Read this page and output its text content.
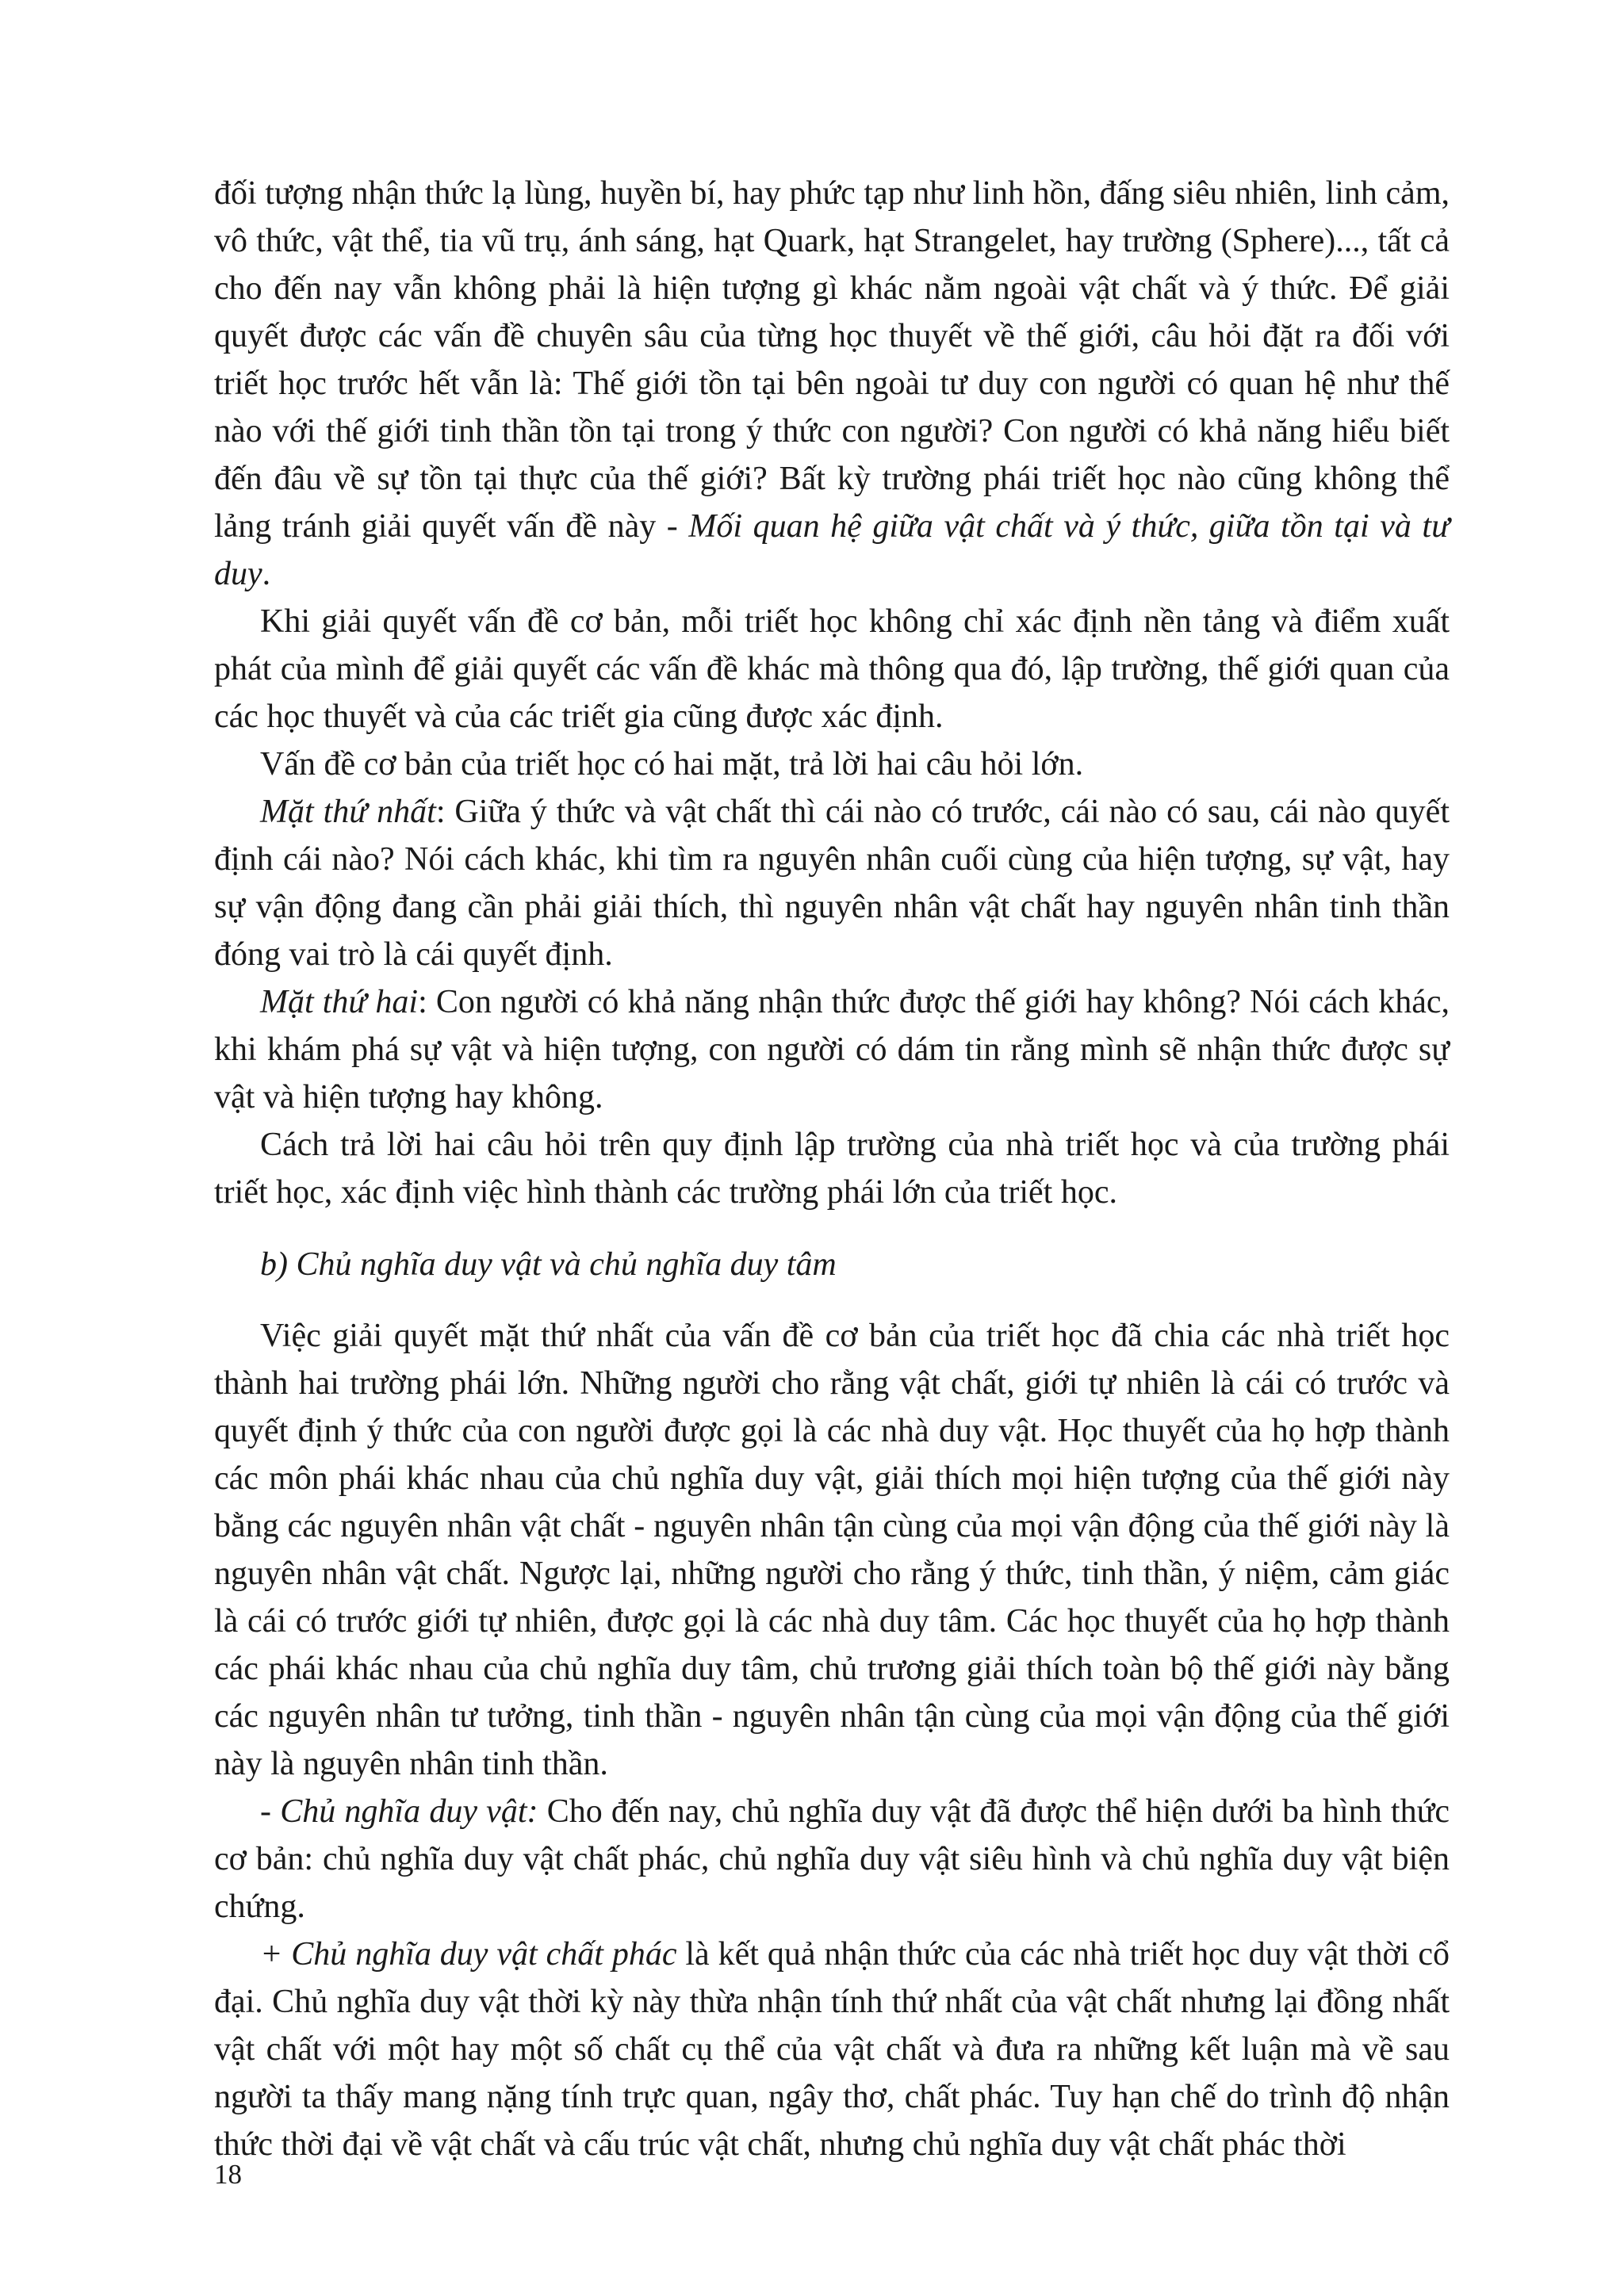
đối tượng nhận thức lạ lùng, huyền bí, hay phức tạp như linh hồn, đấng siêu nhiên, linh cảm, vô thức, vật thể, tia vũ trụ, ánh sáng, hạt Quark, hạt Strangelet, hay trường (Sphere)..., tất cả cho đến nay vẫn không phải là hiện tượng gì khác nằm ngoài vật chất và ý thức. Để giải quyết được các vấn đề chuyên sâu của từng học thuyết về thế giới, câu hỏi đặt ra đối với triết học trước hết vẫn là: Thế giới tồn tại bên ngoài tư duy con người có quan hệ như thế nào với thế giới tinh thần tồn tại trong ý thức con người? Con người có khả năng hiểu biết đến đâu về sự tồn tại thực của thế giới? Bất kỳ trường phái triết học nào cũng không thể lảng tránh giải quyết vấn đề này - Mối quan hệ giữa vật chất và ý thức, giữa tồn tại và tư duy.

Khi giải quyết vấn đề cơ bản, mỗi triết học không chỉ xác định nền tảng và điểm xuất phát của mình để giải quyết các vấn đề khác mà thông qua đó, lập trường, thế giới quan của các học thuyết và của các triết gia cũng được xác định.

Vấn đề cơ bản của triết học có hai mặt, trả lời hai câu hỏi lớn.

Mặt thứ nhất: Giữa ý thức và vật chất thì cái nào có trước, cái nào có sau, cái nào quyết định cái nào? Nói cách khác, khi tìm ra nguyên nhân cuối cùng của hiện tượng, sự vật, hay sự vận động đang cần phải giải thích, thì nguyên nhân vật chất hay nguyên nhân tinh thần đóng vai trò là cái quyết định.

Mặt thứ hai: Con người có khả năng nhận thức được thế giới hay không? Nói cách khác, khi khám phá sự vật và hiện tượng, con người có dám tin rằng mình sẽ nhận thức được sự vật và hiện tượng hay không.

Cách trả lời hai câu hỏi trên quy định lập trường của nhà triết học và của trường phái triết học, xác định việc hình thành các trường phái lớn của triết học.

b) Chủ nghĩa duy vật và chủ nghĩa duy tâm

Việc giải quyết mặt thứ nhất của vấn đề cơ bản của triết học đã chia các nhà triết học thành hai trường phái lớn. Những người cho rằng vật chất, giới tự nhiên là cái có trước và quyết định ý thức của con người được gọi là các nhà duy vật. Học thuyết của họ hợp thành các môn phái khác nhau của chủ nghĩa duy vật, giải thích mọi hiện tượng của thế giới này bằng các nguyên nhân vật chất - nguyên nhân tận cùng của mọi vận động của thế giới này là nguyên nhân vật chất. Ngược lại, những người cho rằng ý thức, tinh thần, ý niệm, cảm giác là cái có trước giới tự nhiên, được gọi là các nhà duy tâm. Các học thuyết của họ hợp thành các phái khác nhau của chủ nghĩa duy tâm, chủ trương giải thích toàn bộ thế giới này bằng các nguyên nhân tư tưởng, tinh thần - nguyên nhân tận cùng của mọi vận động của thế giới này là nguyên nhân tinh thần.

- Chủ nghĩa duy vật: Cho đến nay, chủ nghĩa duy vật đã được thể hiện dưới ba hình thức cơ bản: chủ nghĩa duy vật chất phác, chủ nghĩa duy vật siêu hình và chủ nghĩa duy vật biện chứng.

+ Chủ nghĩa duy vật chất phác là kết quả nhận thức của các nhà triết học duy vật thời cổ đại. Chủ nghĩa duy vật thời kỳ này thừa nhận tính thứ nhất của vật chất nhưng lại đồng nhất vật chất với một hay một số chất cụ thể của vật chất và đưa ra những kết luận mà về sau người ta thấy mang nặng tính trực quan, ngây thơ, chất phác. Tuy hạn chế do trình độ nhận thức thời đại về vật chất và cấu trúc vật chất, nhưng chủ nghĩa duy vật chất phác thời

18
